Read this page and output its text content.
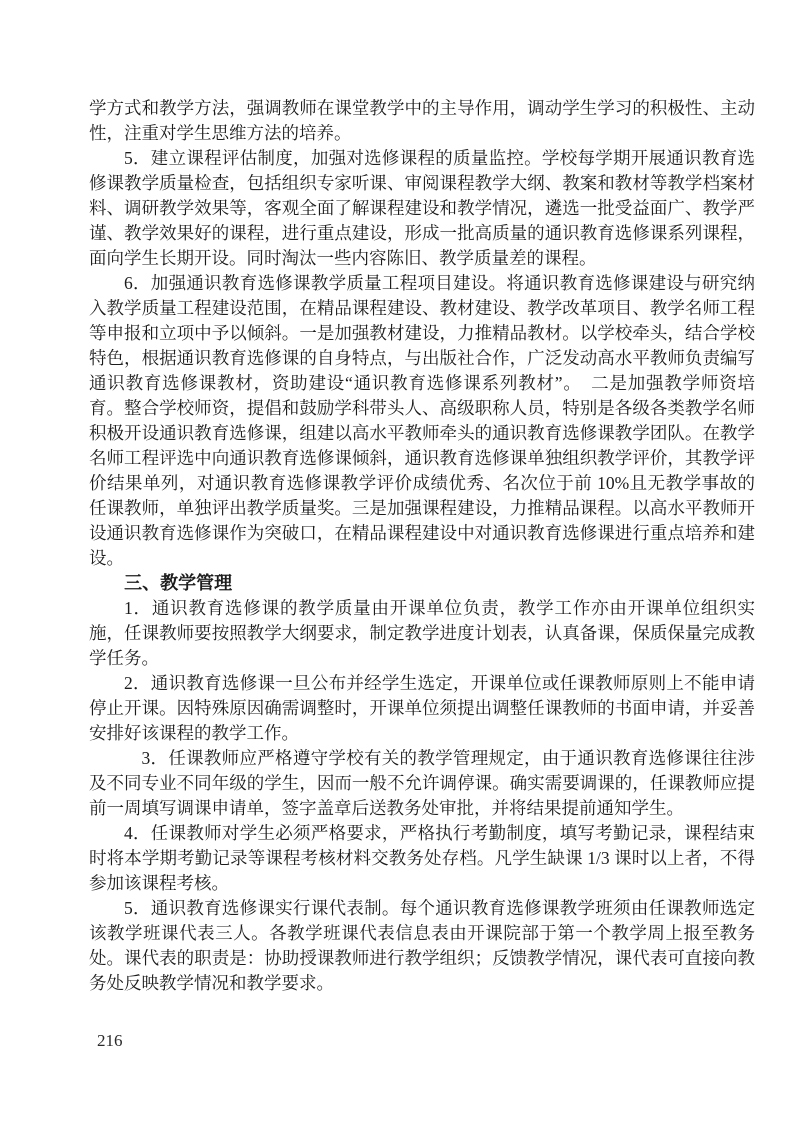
学方式和教学方法，强调教师在课堂教学中的主导作用，调动学生学习的积极性、主动性，注重对学生思维方法的培养。

5．建立课程评估制度，加强对选修课程的质量监控。学校每学期开展通识教育选修课教学质量检查，包括组织专家听课、审阅课程教学大纲、教案和教材等教学档案材料、调研教学效果等，客观全面了解课程建设和教学情况，遴选一批受益面广、教学严谨、教学效果好的课程，进行重点建设，形成一批高质量的通识教育选修课系列课程，面向学生长期开设。同时淘汰一些内容陈旧、教学质量差的课程。

6．加强通识教育选修课教学质量工程项目建设。将通识教育选修课建设与研究纳入教学质量工程建设范围，在精品课程建设、教材建设、教学改革项目、教学名师工程等申报和立项中予以倾斜。一是加强教材建设，力推精品教材。以学校牵头，结合学校特色，根据通识教育选修课的自身特点，与出版社合作，广泛发动高水平教师负责编写通识教育选修课教材，资助建设“通识教育选修课系列教材”。　二是加强教学师资培育。整合学校师资，提倡和鼓励学科带头人、高级职称人员，特别是各级各类教学名师积极开设通识教育选修课，组建以高水平教师牵头的通识教育选修课教学团队。在教学名师工程评选中向通识教育选修课倾斜，通识教育选修课单独组织教学评价，其教学评价结果单列，对通识教育选修课教学评价成绩优秀、名次位于前 10%且无教学事故的任课教师，单独评出教学质量奖。三是加强课程建设，力推精品课程。以高水平教师开设通识教育选修课作为突破口，在精品课程建设中对通识教育选修课进行重点培养和建设。

三、教学管理

1．通识教育选修课的教学质量由开课单位负责，教学工作亦由开课单位组织实施，任课教师要按照教学大纲要求，制定教学进度计划表，认真备课，保质保量完成教学任务。

2．通识教育选修课一旦公布并经学生选定，开课单位或任课教师原则上不能申请停止开课。因特殊原因确需调整时，开课单位须提出调整任课教师的书面申请，并妥善安排好该课程的教学工作。

3．任课教师应严格遵守学校有关的教学管理规定，由于通识教育选修课往往涉及不同专业不同年级的学生，因而一般不允许调停课。确实需要调课的，任课教师应提前一周填写调课申请单，签字盖章后送教务处审批，并将结果提前通知学生。

4．任课教师对学生必须严格要求，严格执行考勤制度，填写考勤记录，课程结束时将本学期考勤记录等课程考核材料交教务处存档。凡学生缺课 1/3 课时以上者，不得参加该课程考核。

5．通识教育选修课实行课代表制。每个通识教育选修课教学班须由任课教师选定该教学班课代表三人。各教学班课代表信息表由开课院部于第一个教学周上报至教务处。课代表的职责是：协助授课教师进行教学组织；反馈教学情况，课代表可直接向教务处反映教学情况和教学要求。

216
